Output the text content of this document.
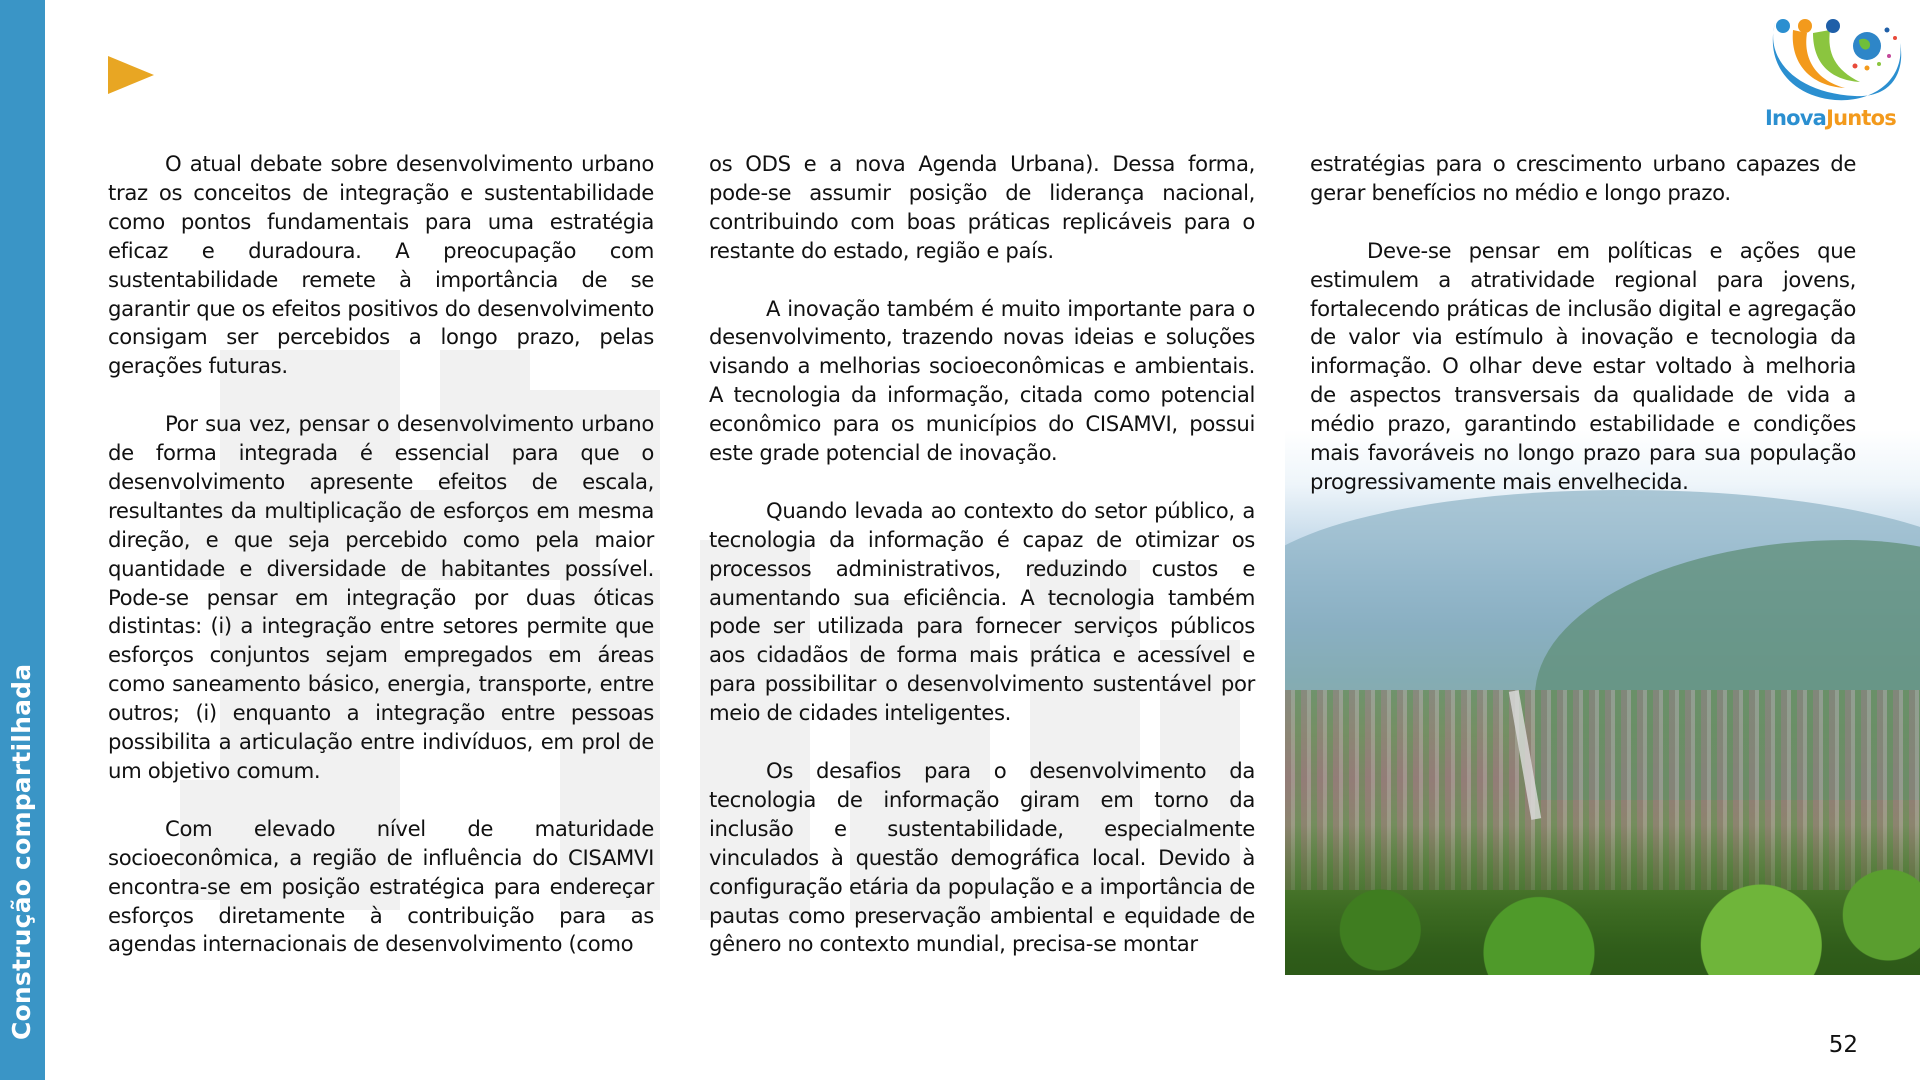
Construção compartilhada

O atual debate sobre desenvolvimento urbano traz os conceitos de integração e sustentabilidade como pontos fundamentais para uma estratégia eficaz e duradoura. A preocupação com sustentabilidade remete à importância de se garantir que os efeitos positivos do desenvolvimento consigam ser percebidos a longo prazo, pelas gerações futuras.

Por sua vez, pensar o desenvolvimento urbano de forma integrada é essencial para que o desenvolvimento apresente efeitos de escala, resultantes da multiplicação de esforços em mesma direção, e que seja percebido como pela maior quantidade e diversidade de habitantes possível. Pode-se pensar em integração por duas óticas distintas: (i) a integração entre setores permite que esforços conjuntos sejam empregados em áreas como saneamento básico, energia, transporte, entre outros; (i) enquanto a integração entre pessoas possibilita a articulação entre indivíduos, em prol de um objetivo comum.

Com elevado nível de maturidade socioeconômica, a região de influência do CISAMVI encontra-se em posição estratégica para endereçar esforços diretamente à contribuição para as agendas internacionais de desenvolvimento (como

os ODS e a nova Agenda Urbana). Dessa forma, pode-se assumir posição de liderança nacional, contribuindo com boas práticas replicáveis para o restante do estado, região e país.

A inovação também é muito importante para o desenvolvimento, trazendo novas ideias e soluções visando a melhorias socioeconômicas e ambientais. A tecnologia da informação, citada como potencial econômico para os municípios do CISAMVI, possui este grade potencial de inovação.

Quando levada ao contexto do setor público, a tecnologia da informação é capaz de otimizar os processos administrativos, reduzindo custos e aumentando sua eficiência. A tecnologia também pode ser utilizada para fornecer serviços públicos aos cidadãos de forma mais prática e acessível e para possibilitar o desenvolvimento sustentável por meio de cidades inteligentes.

Os desafios para o desenvolvimento da tecnologia de informação giram em torno da inclusão e sustentabilidade, especialmente vinculados à questão demográfica local. Devido à configuração etária da população e a importância de pautas como preservação ambiental e equidade de gênero no contexto mundial, precisa-se montar

estratégias para o crescimento urbano capazes de gerar benefícios no médio e longo prazo.

Deve-se pensar em políticas e ações que estimulem a atratividade regional para jovens, fortalecendo práticas de inclusão digital e agregação de valor via estímulo à inovação e tecnologia da informação. O olhar deve estar voltado à melhoria de aspectos transversais da qualidade de vida a médio prazo, garantindo estabilidade e condições mais favoráveis no longo prazo para sua população progressivamente mais envelhecida.

InovaJuntos
52
